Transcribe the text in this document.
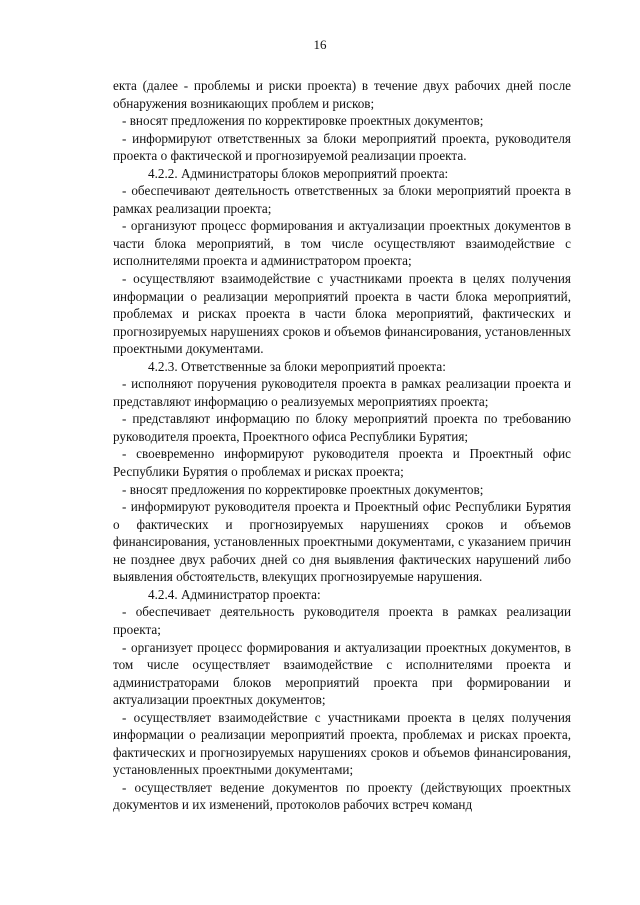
16

екта (далее - проблемы и риски проекта) в течение двух рабочих дней после обнаружения возникающих проблем и рисков;

- вносят предложения по корректировке проектных документов;

- информируют ответственных за блоки мероприятий проекта, руководителя проекта о фактической и прогнозируемой реализации проекта.

4.2.2. Администраторы блоков мероприятий проекта:

- обеспечивают деятельность ответственных за блоки мероприятий проекта в рамках реализации проекта;

- организуют процесс формирования и актуализации проектных документов в части блока мероприятий, в том числе осуществляют взаимодействие с исполнителями проекта и администратором проекта;

- осуществляют взаимодействие с участниками проекта в целях получения информации о реализации мероприятий проекта в части блока мероприятий, проблемах и рисках проекта в части блока мероприятий, фактических и прогнозируемых нарушениях сроков и объемов финансирования, установленных проектными документами.

4.2.3. Ответственные за блоки мероприятий проекта:

- исполняют поручения руководителя проекта в рамках реализации проекта и представляют информацию о реализуемых мероприятиях проекта;

- представляют информацию по блоку мероприятий проекта по требованию руководителя проекта, Проектного офиса Республики Бурятия;

- своевременно информируют руководителя проекта и Проектный офис Республики Бурятия о проблемах и рисках проекта;

- вносят предложения по корректировке проектных документов;

- информируют руководителя проекта и Проектный офис Республики Бурятия о фактических и прогнозируемых нарушениях сроков и объемов финансирования, установленных проектными документами, с указанием причин не позднее двух рабочих дней со дня выявления фактических нарушений либо выявления обстоятельств, влекущих прогнозируемые нарушения.

4.2.4. Администратор проекта:

- обеспечивает деятельность руководителя проекта в рамках реализации проекта;

- организует процесс формирования и актуализации проектных документов, в том числе осуществляет взаимодействие с исполнителями проекта и администраторами блоков мероприятий проекта при формировании и актуализации проектных документов;

- осуществляет взаимодействие с участниками проекта в целях получения информации о реализации мероприятий проекта, проблемах и рисках проекта, фактических и прогнозируемых нарушениях сроков и объемов финансирования, установленных проектными документами;

- осуществляет ведение документов по проекту (действующих проектных документов и их изменений, протоколов рабочих встреч команд
